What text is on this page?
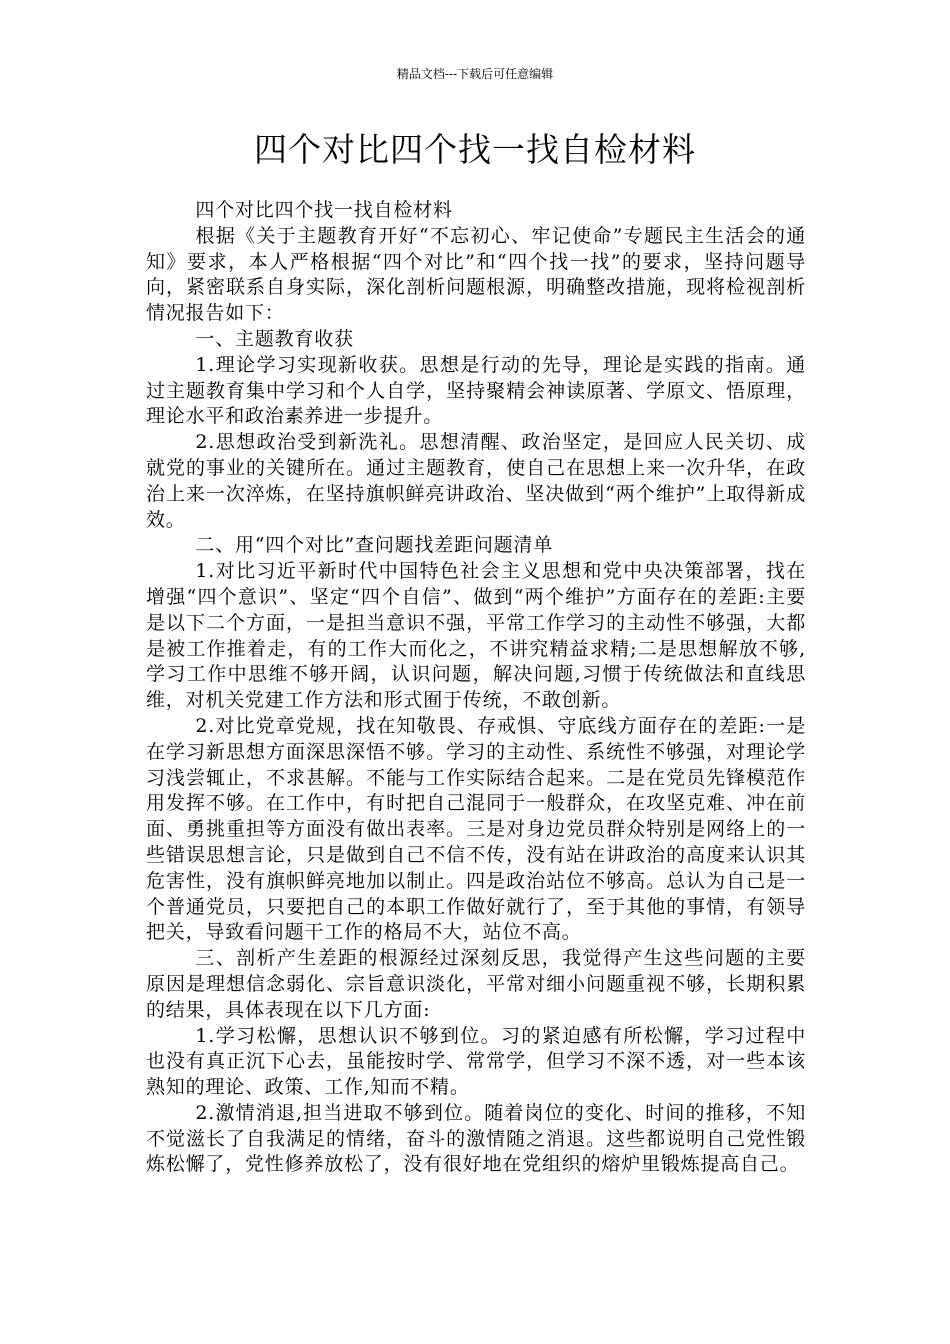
精品文档---下载后可任意编辑
四个对比四个找一找自检材料

四个对比四个找一找自检材料

根据《关于主题教育开好“不忘初心、牢记使命”专题民主生活会的通知》要求，本人严格根据“四个对比”和“四个找一找”的要求，坚持问题导向，紧密联系自身实际，深化剖析问题根源，明确整改措施，现将检视剖析情况报告如下：

一、主题教育收获

1.理论学习实现新收获。思想是行动的先导，理论是实践的指南。通过主题教育集中学习和个人自学，坚持聚精会神读原著、学原文、悟原理，理论水平和政治素养进一步提升。

2.思想政治受到新洗礼。思想清醒、政治坚定，是回应人民关切、成就党的事业的关键所在。通过主题教育，使自己在思想上来一次升华，在政治上来一次淬炼，在坚持旗帜鲜亮讲政治、坚决做到“两个维护”上取得新成效。

二、用“四个对比”查问题找差距问题清单

1.对比习近平新时代中国特色社会主义思想和党中央决策部署，找在增强“四个意识”、坚定“四个自信”、做到“两个维护”方面存在的差距:主要是以下二个方面，一是担当意识不强，平常工作学习的主动性不够强，大都是被工作推着走，有的工作大而化之，不讲究精益求精;二是思想解放不够,学习工作中思维不够开阔，认识问题，解决问题,习惯于传统做法和直线思维，对机关党建工作方法和形式囿于传统，不敢创新。

2.对比党章党规，找在知敬畏、存戒惧、守底线方面存在的差距:一是在学习新思想方面深思深悟不够。学习的主动性、系统性不够强，对理论学习浅尝辄止，不求甚解。不能与工作实际结合起来。二是在党员先锋模范作用发挥不够。在工作中，有时把自己混同于一般群众，在攻坚克难、冲在前面、勇挑重担等方面没有做出表率。三是对身边党员群众特别是网络上的一些错误思想言论，只是做到自己不信不传，没有站在讲政治的高度来认识其危害性，没有旗帜鲜亮地加以制止。四是政治站位不够高。总认为自己是一个普通党员，只要把自己的本职工作做好就行了，至于其他的事情，有领导把关，导致看问题干工作的格局不大，站位不高。

三、剖析产生差距的根源经过深刻反思，我觉得产生这些问题的主要原因是理想信念弱化、宗旨意识淡化，平常对细小问题重视不够，长期积累的结果，具体表现在以下几方面:

1.学习松懈，思想认识不够到位。习的紧迫感有所松懈，学习过程中也没有真正沉下心去，虽能按时学、常常学，但学习不深不透，对一些本该熟知的理论、政策、工作,知而不精。

2.激情消退,担当进取不够到位。随着岗位的变化、时间的推移，不知不觉滋长了自我满足的情绪，奋斗的激情随之消退。这些都说明自己党性锻炼松懈了，党性修养放松了，没有很好地在党组织的熔炉里锻炼提高自己。
